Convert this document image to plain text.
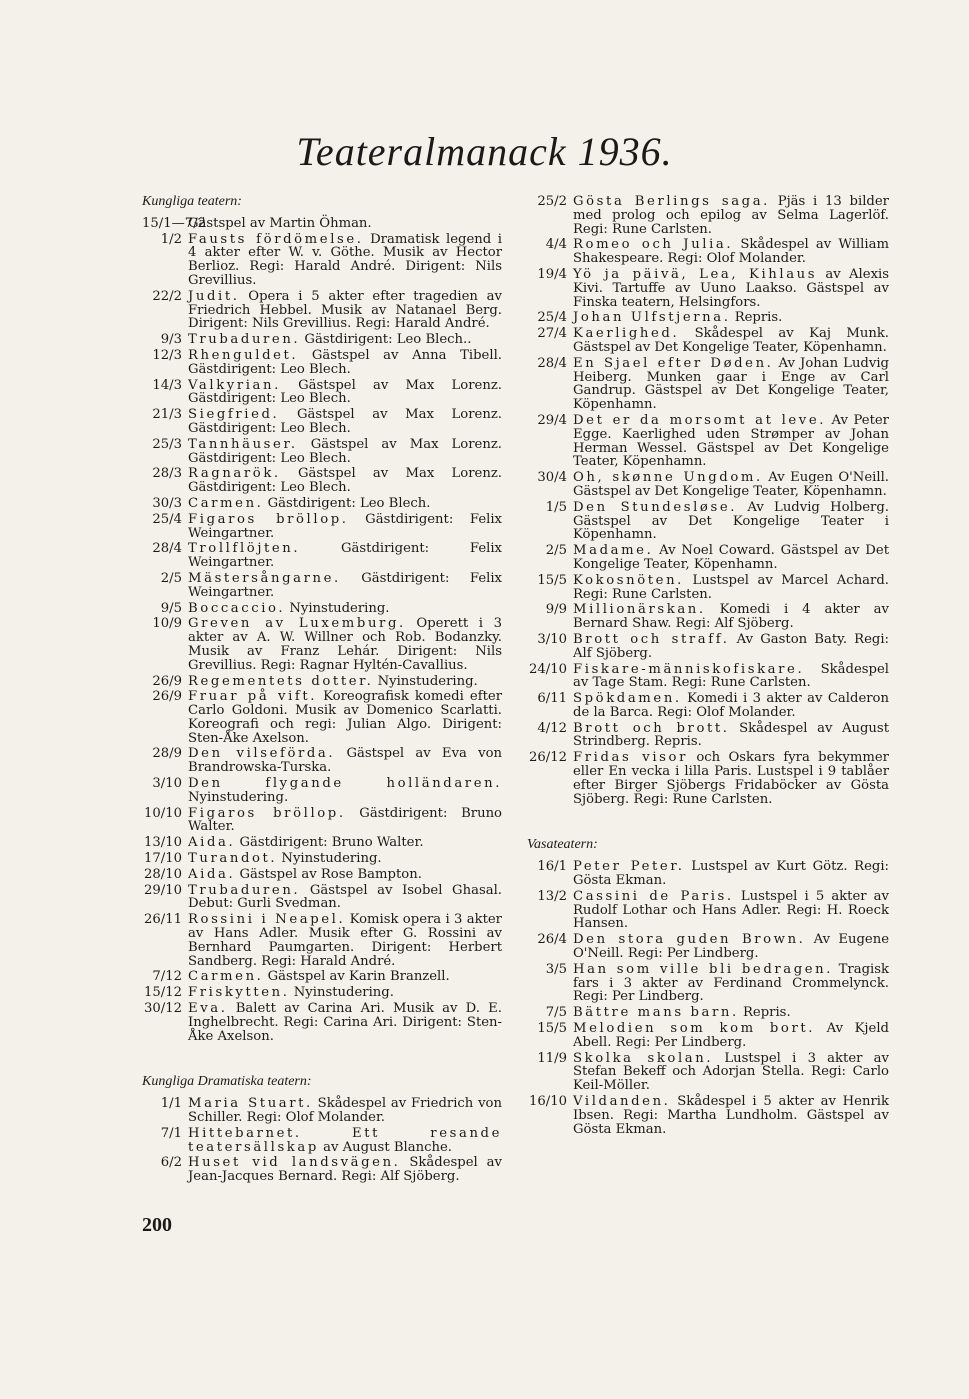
Teateralmanack 1936.
Kungliga teatern:
15/1—7/2
Gästspel av Martin Öhman.
1/2 Fausts fördömelse. Dramatisk legend i 4 akter efter W. v. Göthe. Musik av Hector Berlioz. Regi: Harald André. Dirigent: Nils Grevillius.
22/2 Judit. Opera i 5 akter efter tragedien av Friedrich Hebbel. Musik av Natanael Berg. Dirigent: Nils Grevillius. Regi: Harald André.
9/3 Trubaduren. Gästdirigent: Leo Blech..
12/3 Rhenguldet. Gästspel av Anna Tibell. Gästdirigent: Leo Blech.
14/3 Valkyrian. Gästspel av Max Lorenz. Gästdirigent: Leo Blech.
21/3 Siegfried. Gästspel av Max Lorenz. Gästdirigent: Leo Blech.
25/3 Tannhäuser. Gästspel av Max Lorenz. Gästdirigent: Leo Blech.
28/3 Ragnarök. Gästspel av Max Lorenz. Gästdirigent: Leo Blech.
30/3 Carmen. Gästdirigent: Leo Blech.
25/4 Figaros bröllop. Gästdirigent: Felix Weingartner.
28/4 Trollflöjten. Gästdirigent: Felix Weingartner.
2/5 Mästersångarne. Gästdirigent: Felix Weingartner.
9/5 Boccaccio. Nyinstudering.
10/9 Greven av Luxemburg. Operett i 3 akter av A. W. Willner och Rob. Bodanzky. Musik av Franz Lehár. Dirigent: Nils Grevillius. Regi: Ragnar Hyltén-Cavallius.
26/9 Regementets dotter. Nyinstudering.
26/9 Fruar på vift. Koreografisk komedi efter Carlo Goldoni. Musik av Domenico Scarlatti. Koreografi och regi: Julian Algo. Dirigent: Sten-Åke Axelson.
28/9 Den vilseförda. Gästspel av Eva von Brandrowska-Turska.
3/10 Den flygande holländaren. Nyinstudering.
10/10 Figaros bröllop. Gästdirigent: Bruno Walter.
13/10 Aida. Gästdirigent: Bruno Walter.
17/10 Turandot. Nyinstudering.
28/10 Aida. Gästspel av Rose Bampton.
29/10 Trubaduren. Gästspel av Isobel Ghasal. Debut: Gurli Svedman.
26/11 Rossini i Neapel. Komisk opera i 3 akter av Hans Adler. Musik efter G. Rossini av Bernhard Paumgarten. Dirigent: Herbert Sandberg. Regi: Harald André.
7/12 Carmen. Gästspel av Karin Branzell.
15/12 Friskytten. Nyinstudering.
30/12 Eva. Balett av Carina Ari. Musik av D. E. Inghelbrecht. Regi: Carina Ari. Dirigent: Sten-Åke Axelson.
Kungliga Dramatiska teatern:
1/1 Maria Stuart. Skådespel av Friedrich von Schiller. Regi: Olof Molander.
7/1 Hittebarnet. Ett resande teatersällskap av August Blanche.
6/2 Huset vid landsvägen. Skådespel av Jean-Jacques Bernard. Regi: Alf Sjöberg.
25/2 Gösta Berlings saga. Pjäs i 13 bilder med prolog och epilog av Selma Lagerlöf. Regi: Rune Carlsten.
4/4 Romeo och Julia. Skådespel av William Shakespeare. Regi: Olof Molander.
19/4 Yö ja päivä, Lea, Kihlaus av Alexis Kivi. Tartuffe av Uuno Laakso. Gästspel av Finska teatern, Helsingfors.
25/4 Johan Ulfstjerna. Repris.
27/4 Kaerlighed. Skådespel av Kaj Munk. Gästspel av Det Kongelige Teater, Köpenhamn.
28/4 En Sjael efter Døden. Av Johan Ludvig Heiberg. Munken gaar i Enge av Carl Gandrup. Gästspel av Det Kongelige Teater, Köpenhamn.
29/4 Det er da morsomt at leve. Av Peter Egge. Kaerlighed uden Strømper av Johan Herman Wessel. Gästspel av Det Kongelige Teater, Köpenhamn.
30/4 Oh, skønne Ungdom. Av Eugen O'Neill. Gästspel av Det Kongelige Teater, Köpenhamn.
1/5 Den Stundesløse. Av Ludvig Holberg. Gästspel av Det Kongelige Teater i Köpenhamn.
2/5 Madame. Av Noel Coward. Gästspel av Det Kongelige Teater, Köpenhamn.
15/5 Kokosnöten. Lustspel av Marcel Achard. Regi: Rune Carlsten.
9/9 Millionärskan. Komedi i 4 akter av Bernard Shaw. Regi: Alf Sjöberg.
3/10 Brott och straff. Av Gaston Baty. Regi: Alf Sjöberg.
24/10 Fiskare-människofiskare. Skådespel av Tage Stam. Regi: Rune Carlsten.
6/11 Spökdamen. Komedi i 3 akter av Calderon de la Barca. Regi: Olof Molander.
4/12 Brott och brott. Skådespel av August Strindberg. Repris.
26/12 Fridas visor och Oskars fyra bekymmer eller En vecka i lilla Paris. Lustspel i 9 tablåer efter Birger Sjöbergs Fridaböcker av Gösta Sjöberg. Regi: Rune Carlsten.
Vasateatern:
16/1 Peter Peter. Lustspel av Kurt Götz. Regi: Gösta Ekman.
13/2 Cassini de Paris. Lustspel i 5 akter av Rudolf Lothar och Hans Adler. Regi: H. Roeck Hansen.
26/4 Den stora guden Brown. Av Eugene O'Neill. Regi: Per Lindberg.
3/5 Han som ville bli bedragen. Tragisk fars i 3 akter av Ferdinand Crommelynck. Regi: Per Lindberg.
7/5 Bättre mans barn. Repris.
15/5 Melodien som kom bort. Av Kjeld Abell. Regi: Per Lindberg.
11/9 Skolka skolan. Lustspel i 3 akter av Stefan Bekeff och Adorjan Stella. Regi: Carlo Keil-Möller.
16/10 Vildanden. Skådespel i 5 akter av Henrik Ibsen. Regi: Martha Lundholm. Gästspel av Gösta Ekman.
200
